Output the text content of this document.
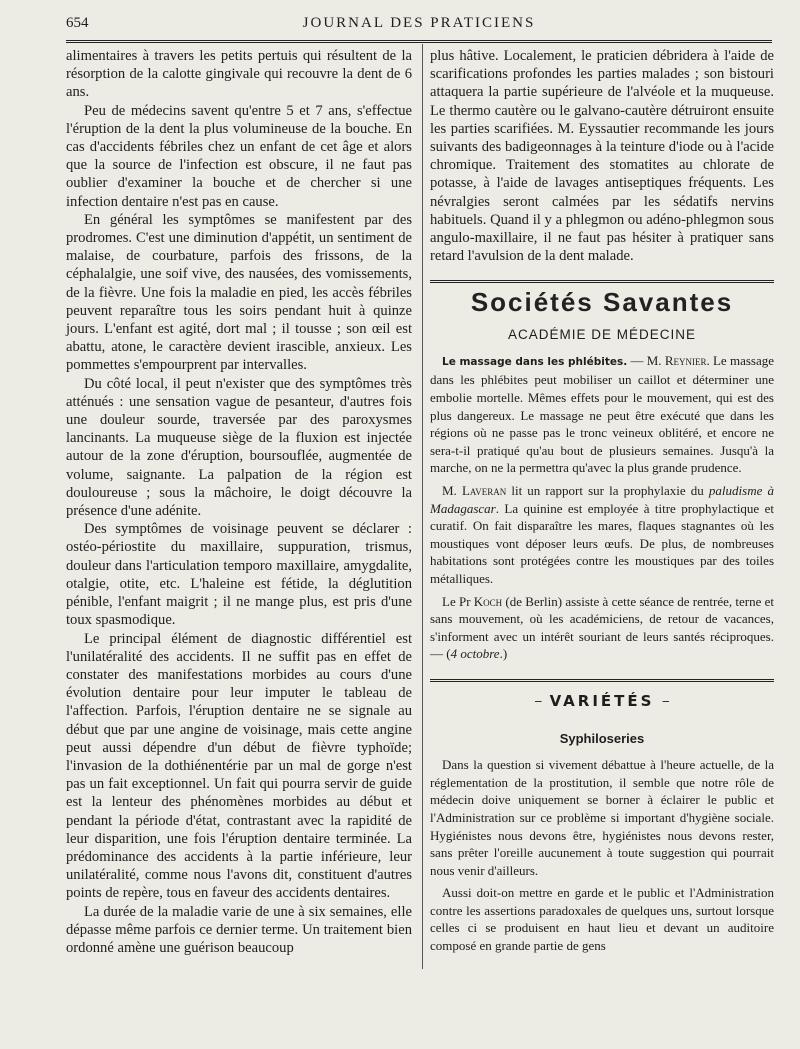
654	JOURNAL DES PRATICIENS

alimentaires à travers les petits pertuis qui résultent de la résorption de la calotte gingivale qui recouvre la dent de 6 ans.

Peu de médecins savent qu'entre 5 et 7 ans, s'effectue l'éruption de la dent la plus volumineuse de la bouche. En cas d'accidents fébriles chez un enfant de cet âge et alors que la source de l'infection est obscure, il ne faut pas oublier d'examiner la bouche et de chercher si une infection dentaire n'est pas en cause.

En général les symptômes se manifestent par des prodromes. C'est une diminution d'appétit, un sentiment de malaise, de courbature, parfois des frissons, de la céphalalgie, une soif vive, des nausées, des vomissements, de la fièvre. Une fois la maladie en pied, les accès fébriles peuvent reparaître tous les soirs pendant huit à quinze jours. L'enfant est agité, dort mal ; il tousse ; son œil est abattu, atone, le caractère devient irascible, anxieux. Les pommettes s'empourprent par intervalles.

Du côté local, il peut n'exister que des symptômes très atténués : une sensation vague de pesanteur, d'autres fois une douleur sourde, traversée par des paroxysmes lancinants. La muqueuse siège de la fluxion est injectée autour de la zone d'éruption, boursouflée, augmentée de volume, saignante. La palpation de la région est douloureuse ; sous la mâchoire, le doigt découvre la présence d'une adénite.

Des symptômes de voisinage peuvent se déclarer : ostéo-périostite du maxillaire, suppuration, trismus, douleur dans l'articulation temporo maxillaire, amygdalite, otalgie, otite, etc. L'haleine est fétide, la déglutition pénible, l'enfant maigrit ; il ne mange plus, est pris d'une toux spasmodique.

Le principal élément de diagnostic différentiel est l'unilatéralité des accidents. Il ne suffit pas en effet de constater des manifestations morbides au cours d'une évolution dentaire pour leur imputer le tableau de l'affection. Parfois, l'éruption dentaire ne se signale au début que par une angine de voisinage, mais cette angine peut aussi dépendre d'un début de fièvre typhoïde; l'invasion de la dothiénentérie par un mal de gorge n'est pas un fait exceptionnel. Un fait qui pourra servir de guide est la lenteur des phénomènes morbides au début et pendant la période d'état, contrastant avec la rapidité de leur disparition, une fois l'éruption dentaire terminée. La prédominance des accidents à la partie inférieure, leur unilatéralité, comme nous l'avons dit, constituent d'autres points de repère, tous en faveur des accidents dentaires.

La durée de la maladie varie de une à six semaines, elle dépasse même parfois ce dernier terme. Un traitement bien ordonné amène une guérison beaucoup

plus hâtive. Localement, le praticien débridera à l'aide de scarifications profondes les parties malades ; son bistouri attaquera la partie supérieure de l'alvéole et la muqueuse. Le thermo cautère ou le galvano-cautère détruiront ensuite les parties scarifiées. M. Eyssautier recommande les jours suivants des badigeonnages à la teinture d'iode ou à l'acide chromique. Traitement des stomatites au chlorate de potasse, à l'aide de lavages antiseptiques fréquents. Les névralgies seront calmées par les sédatifs nervins habituels. Quand il y a phlegmon ou adéno-phlegmon sous angulo-maxillaire, il ne faut pas hésiter à pratiquer sans retard l'avulsion de la dent malade.

Sociétés Savantes
ACADÉMIE DE MÉDECINE

Le massage dans les phlébites. — M. Reynier. Le massage dans les phlébites peut mobiliser un caillot et déterminer une embolie mortelle. Mêmes effets pour le mouvement, qui est des plus dangereux. Le massage ne peut être exécuté que dans les régions où ne passe pas le tronc veineux oblitéré, et encore ne sera-t-il pratiqué qu'au bout de plusieurs semaines. Jusqu'à la marche, on ne la permettra qu'avec la plus grande prudence.

M. Laveran lit un rapport sur la prophylaxie du paludisme à Madagascar. La quinine est employée à titre prophylactique et curatif. On fait disparaître les mares, flaques stagnantes où les moustiques vont déposer leurs œufs. De plus, de nombreuses habitations sont protégées contre les moustiques par des toiles métalliques.

Le Pr Koch (de Berlin) assiste à cette séance de rentrée, terne et sans mouvement, où les académiciens, de retour de vacances, s'informent avec un intérêt souriant de leurs santés réciproques. — (4 octobre.)

VARIÉTÉS
Syphiloseries

Dans la question si vivement débattue à l'heure actuelle, de la réglementation de la prostitution, il semble que notre rôle de médecin doive uniquement se borner à éclairer le public et l'Administration sur ce problème si important d'hygiène sociale. Hygiénistes nous devons être, hygiénistes nous devons rester, sans prêter l'oreille aucunement à toute suggestion qui pourrait nous venir d'ailleurs.

Aussi doit-on mettre en garde et le public et l'Administration contre les assertions paradoxales de quelques uns, surtout lorsque celles ci se produisent en haut lieu et devant un auditoire composé en grande partie de gens
